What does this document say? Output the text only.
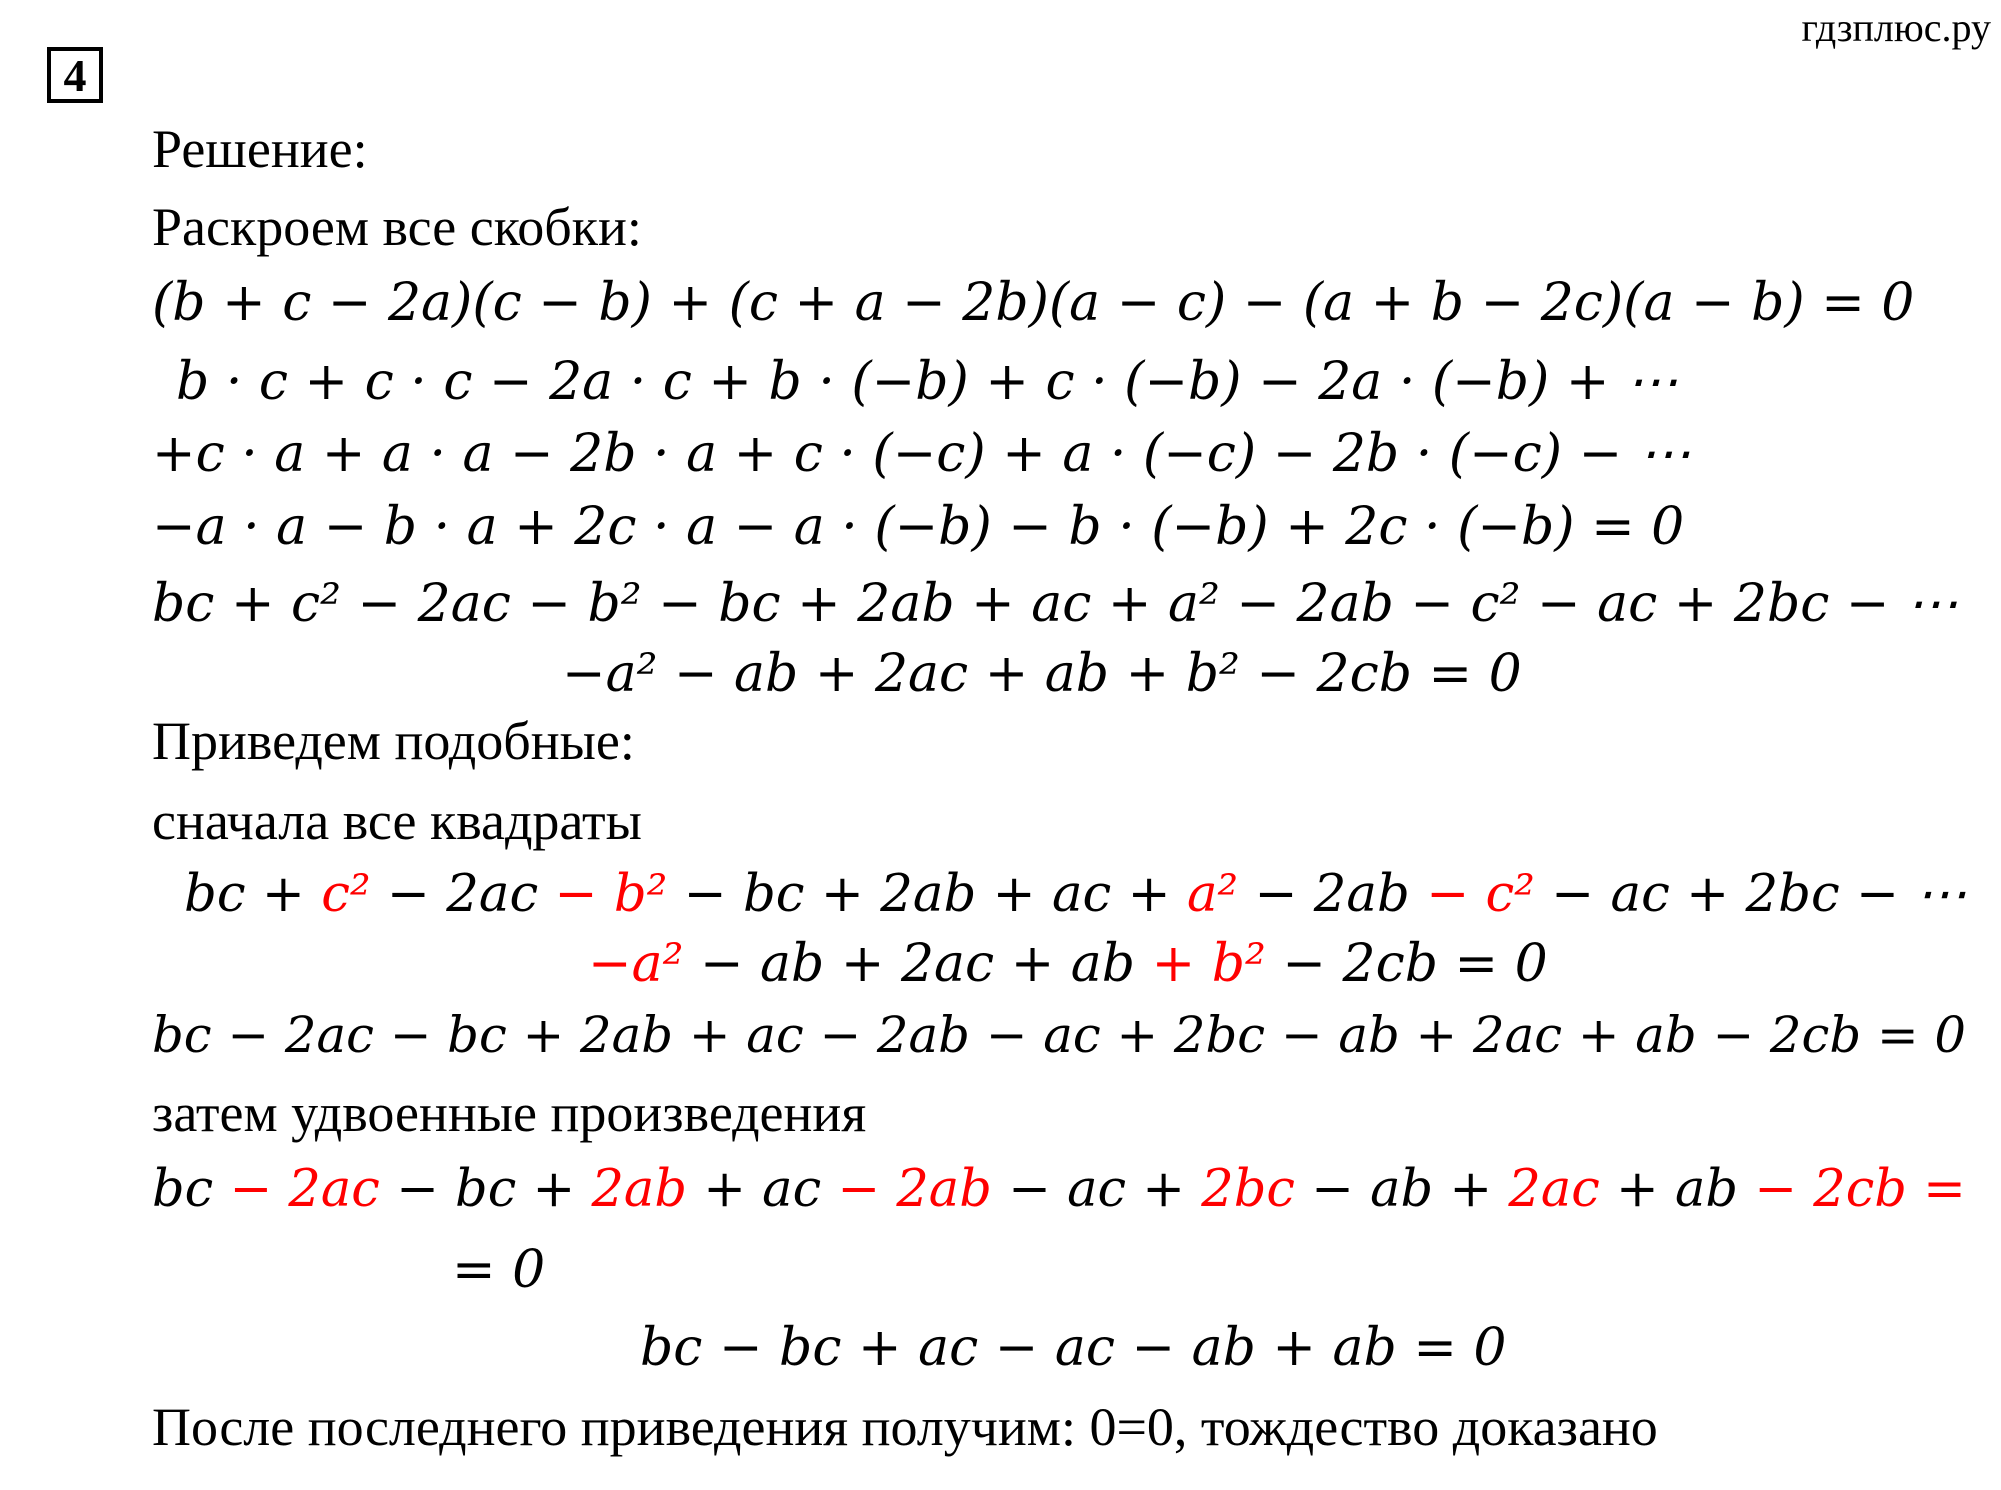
гдзплюс.ру
4
Решение:
Раскроем все скобки:
(b + c − 2a)(c − b) + (c + a − 2b)(a − c) − (a + b − 2c)(a − b) = 0
b · c + c · c − 2a · c + b · (−b) + c · (−b) − 2a · (−b) + ⋯
+c · a + a · a − 2b · a + c · (−c) + a · (−c) − 2b · (−c) − ⋯
−a · a − b · a + 2c · a − a · (−b) − b · (−b) + 2c · (−b) = 0
bc + c² − 2ac − b² − bc + 2ab + ac + a² − 2ab − c² − ac + 2bc − ⋯
−a² − ab + 2ac + ab + b² − 2cb = 0
Приведем подобные:
сначала все квадраты
bc + c² − 2ac − b² − bc + 2ab + ac + a² − 2ab − c² − ac + 2bc − ⋯
−a² − ab + 2ac + ab + b² − 2cb = 0
bc − 2ac − bc + 2ab + ac − 2ab − ac + 2bc − ab + 2ac + ab − 2cb = 0
затем удвоенные произведения
bc − 2ac − bc + 2ab + ac − 2ab − ac + 2bc − ab + 2ac + ab − 2cb =
= 0
bc − bc + ac − ac − ab + ab = 0
После последнего приведения получим: 0=0, тождество доказано
